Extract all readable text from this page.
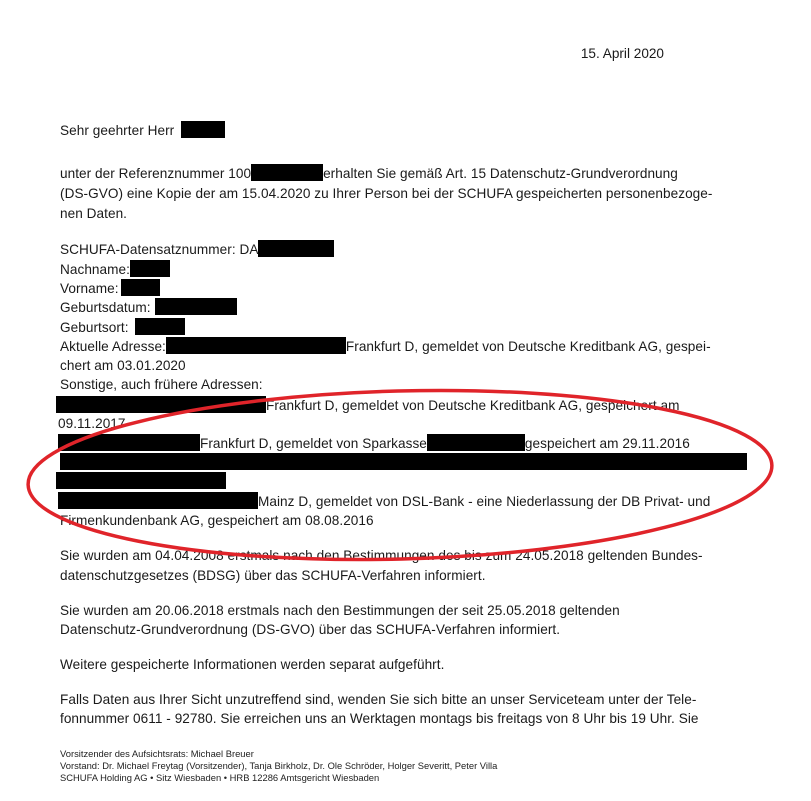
15. April 2020
Sehr geehrter Herr
unter der Referenznummer 100	erhalten Sie gemäß Art. 15 Datenschutz-Grundverordnung
(DS-GVO) eine Kopie der am 15.04.2020 zu Ihrer Person bei der SCHUFA gespeicherten personenbezoge-
nen Daten.
SCHUFA-Datensatznummer: DA
Nachname:
Vorname:
Geburtsdatum:
Geburtsort:
Aktuelle Adresse:	Frankfurt D, gemeldet von Deutsche Kreditbank AG, gespei-
chert am 03.01.2020
Sonstige, auch frühere Adressen:
Frankfurt D, gemeldet von Deutsche Kreditbank AG, gespeichert am
09.11.2017
Frankfurt D, gemeldet von Sparkasse	gespeichert am 29.11.2016
Mainz D, gemeldet von DSL-Bank - eine Niederlassung der DB Privat- und
Firmenkundenbank AG, gespeichert am 08.08.2016
Sie wurden am 04.04.2008 erstmals nach den Bestimmungen des bis zum 24.05.2018 geltenden Bundes-
datenschutzgesetzes (BDSG) über das SCHUFA-Verfahren informiert.
Sie wurden am 20.06.2018 erstmals nach den Bestimmungen der seit 25.05.2018 geltenden
Datenschutz-Grundverordnung (DS-GVO) über das SCHUFA-Verfahren informiert.
Weitere gespeicherte Informationen werden separat aufgeführt.
Falls Daten aus Ihrer Sicht unzutreffend sind, wenden Sie sich bitte an unser Serviceteam unter der Tele-
fonnummer 0611 - 92780. Sie erreichen uns an Werktagen montags bis freitags von 8 Uhr bis 19 Uhr. Sie
Vorsitzender des Aufsichtsrats: Michael Breuer
Vorstand: Dr. Michael Freytag (Vorsitzender), Tanja Birkholz, Dr. Ole Schröder, Holger Severitt, Peter Villa
SCHUFA Holding AG • Sitz Wiesbaden • HRB 12286 Amtsgericht Wiesbaden
